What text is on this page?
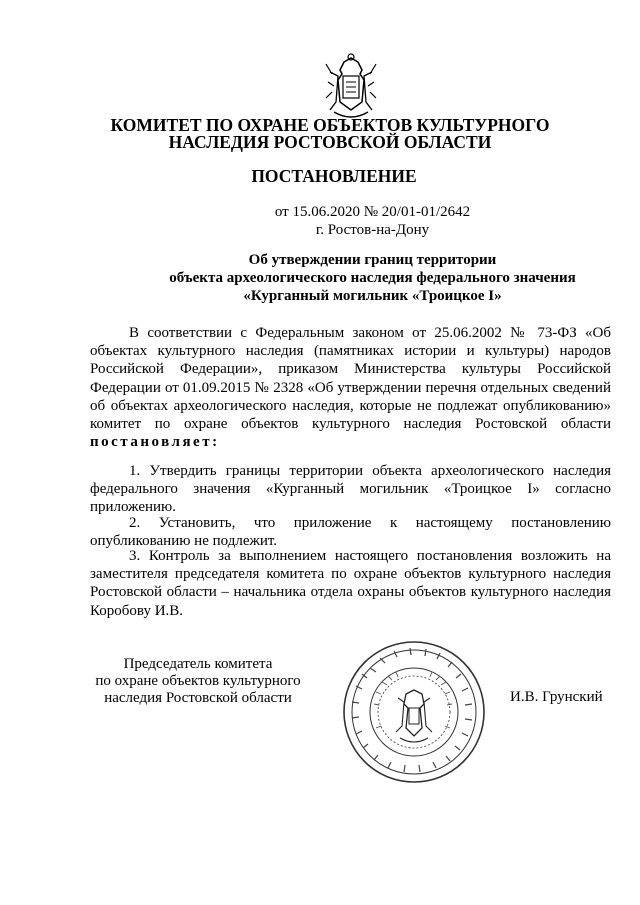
КОМИТЕТ ПО ОХРАНЕ ОБЪЕКТОВ КУЛЬТУРНОГО
НАСЛЕДИЯ РОСТОВСКОЙ ОБЛАСТИ
ПОСТАНОВЛЕНИЕ
от 15.06.2020 № 20/01-01/2642
г. Ростов-на-Дону
Об утверждении границ территории
объекта археологического наследия федерального значения
«Курганный могильник «Троицкое I»
В соответствии с Федеральным законом от 25.06.2002 № 73-ФЗ «Об объектах культурного наследия (памятниках истории и культуры) народов Российской Федерации», приказом Министерства культуры Российской Федерации от 01.09.2015 № 2328 «Об утверждении перечня отдельных сведений об объектах археологического наследия, которые не подлежат опубликованию» комитет по охране объектов культурного наследия Ростовской области постановляет:
1. Утвердить границы территории объекта археологического наследия федерального значения «Курганный могильник «Троицкое I» согласно приложению.
2. Установить, что приложение к настоящему постановлению опубликованию не подлежит.
3. Контроль за выполнением настоящего постановления возложить на заместителя председателя комитета по охране объектов культурного наследия Ростовской области – начальника отдела охраны объектов культурного наследия Коробову И.В.
Председатель комитета
по охране объектов культурного
наследия Ростовской области	И.В. Грунский
